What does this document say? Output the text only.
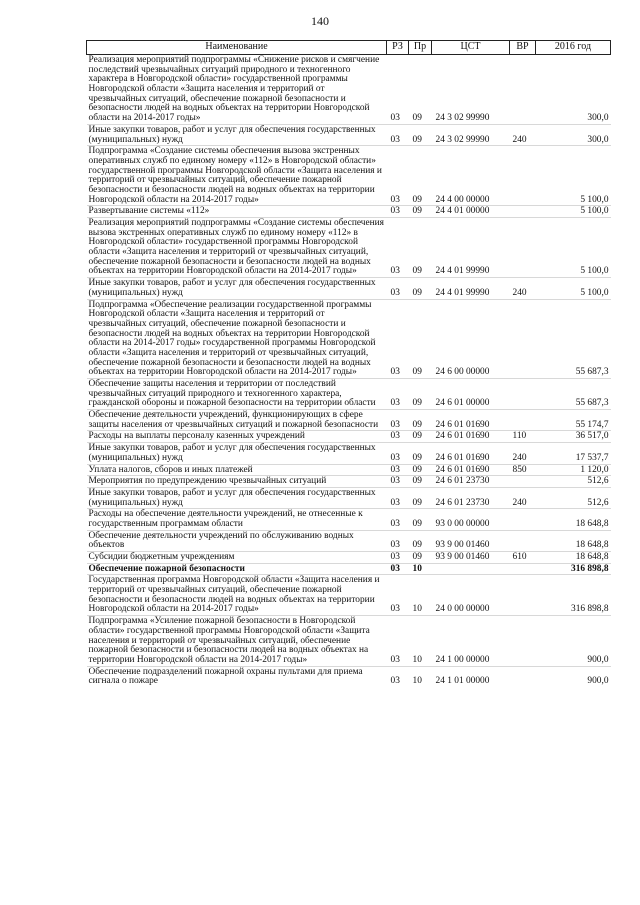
140
Наименование	РЗ	Пр	ЦСТ	ВР	2016 год
Реализация мероприятий подпрограммы «Снижение рисков и смягчение последствий чрезвычайных ситуаций природного и техногенного характера в Новгородской области» государственной программы Новгородской области «Защита населения и территорий от чрезвычайных ситуаций, обеспечение пожарной безопасности и безопасности людей на водных объектах на территории Новгородской области на 2014-2017 годы»	03	09	24 3 02 99990		300,0
Иные закупки товаров, работ и услуг для обеспечения государственных (муниципальных) нужд	03	09	24 3 02 99990	240	300,0
Подпрограмма «Создание системы обеспечения вызова экстренных оперативных служб по единому номеру «112» в Новгородской области» государственной программы Новгородской области «Защита населения и территорий от чрезвычайных ситуаций, обеспечение пожарной безопасности и безопасности людей на водных объектах на территории Новгородской области на 2014-2017 годы»	03	09	24 4 00 00000		5 100,0
Развертывание системы «112»	03	09	24 4 01 00000		5 100,0
Реализация мероприятий подпрограммы «Создание системы обеспечения вызова экстренных оперативных служб по единому номеру «112» в Новгородской области» государственной программы Новгородской области «Защита населения и территорий от чрезвычайных ситуаций, обеспечение пожарной безопасности и безопасности людей на водных объектах на территории Новгородской области на 2014-2017 годы»	03	09	24 4 01 99990		5 100,0
Иные закупки товаров, работ и услуг для обеспечения государственных (муниципальных) нужд	03	09	24 4 01 99990	240	5 100,0
Подпрограмма «Обеспечение реализации государственной программы Новгородской области «Защита населения и территорий от чрезвычайных ситуаций, обеспечение пожарной безопасности и безопасности людей на водных объектах на территории Новгородской области на 2014-2017 годы» государственной программы Новгородской области «Защита населения и территорий от чрезвычайных ситуаций, обеспечение пожарной безопасности и безопасности людей на водных объектах на территории Новгородской области на 2014-2017 годы»	03	09	24 6 00 00000		55 687,3
Обеспечение защиты населения и территории от последствий чрезвычайных ситуаций природного и техногенного характера, гражданской обороны и пожарной безопасности на территории области	03	09	24 6 01 00000		55 687,3
Обеспечение деятельности учреждений, функционирующих в сфере защиты населения от чрезвычайных ситуаций и пожарной безопасности	03	09	24 6 01 01690		55 174,7
Расходы на выплаты персоналу казенных учреждений	03	09	24 6 01 01690	110	36 517,0
Иные закупки товаров, работ и услуг для обеспечения государственных (муниципальных) нужд	03	09	24 6 01 01690	240	17 537,7
Уплата налогов, сборов и иных платежей	03	09	24 6 01 01690	850	1 120,0
Мероприятия по предупреждению чрезвычайных ситуаций	03	09	24 6 01 23730		512,6
Иные закупки товаров, работ и услуг для обеспечения государственных (муниципальных) нужд	03	09	24 6 01 23730	240	512,6
Расходы на обеспечение деятельности учреждений, не отнесенные к государственным программам области	03	09	93 0 00 00000		18 648,8
Обеспечение деятельности учреждений по обслуживанию водных объектов	03	09	93 9 00 01460		18 648,8
Субсидии бюджетным учреждениям	03	09	93 9 00 01460	610	18 648,8
Обеспечение пожарной безопасности	03	10			316 898,8
Государственная программа Новгородской области «Защита населения и территорий от чрезвычайных ситуаций, обеспечение пожарной безопасности и безопасности людей на водных объектах на территории Новгородской области на 2014-2017 годы»	03	10	24 0 00 00000		316 898,8
Подпрограмма «Усиление пожарной безопасности в Новгородской области» государственной программы Новгородской области «Защита населения и территорий от чрезвычайных ситуаций, обеспечение пожарной безопасности и безопасности людей на водных объектах на территории Новгородской области на 2014-2017 годы»	03	10	24 1 00 00000		900,0
Обеспечение подразделений пожарной охраны пультами для приема сигнала о пожаре	03	10	24 1 01 00000		900,0
